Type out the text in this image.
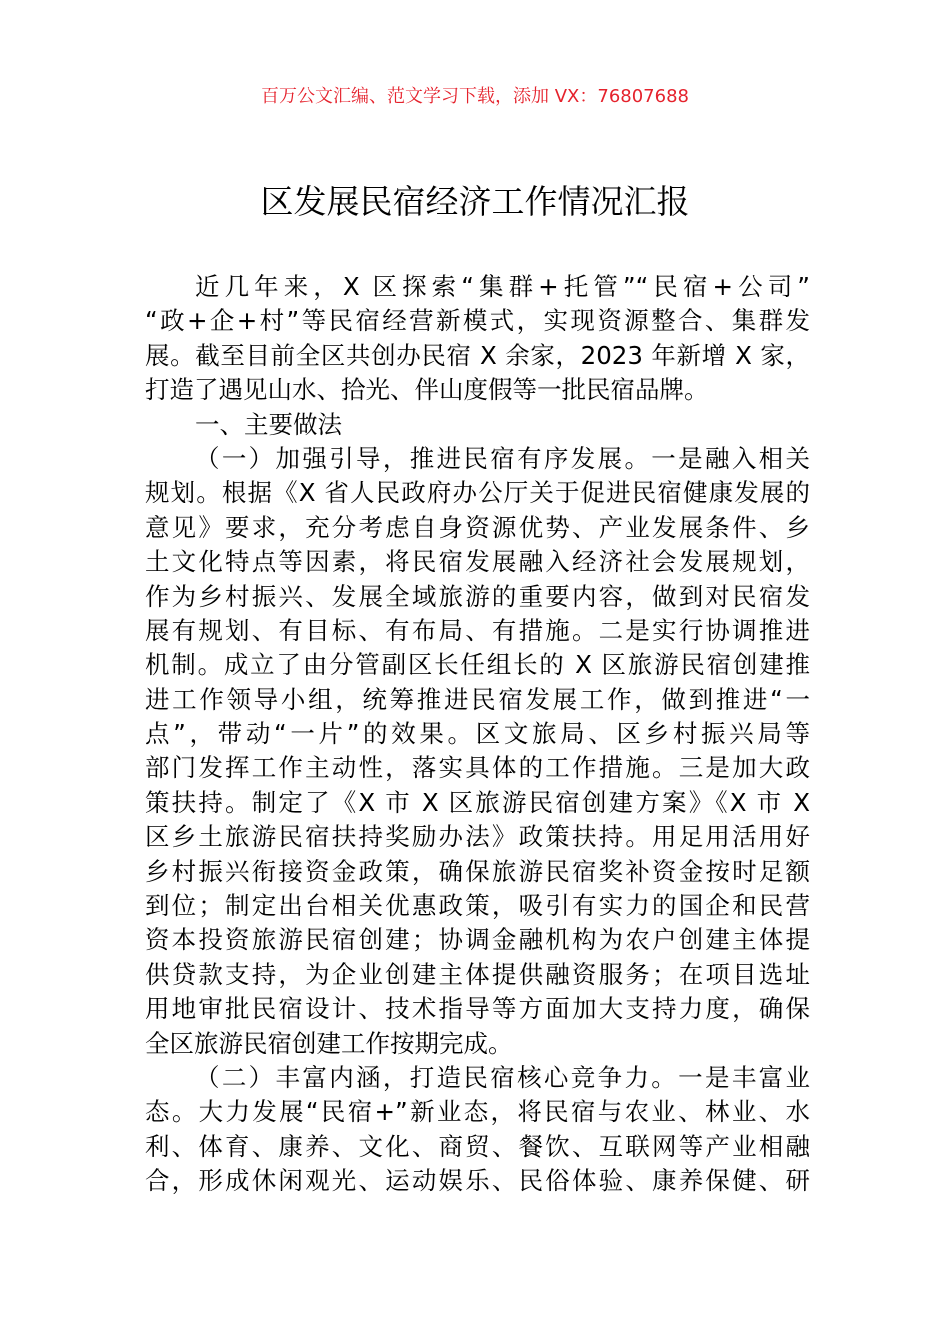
百万公文汇编、范文学习下载，添加 VX：76807688
区发展民宿经济工作情况汇报
近几年来，X 区探索“集群+托管”“民宿+公司”
“政+企+村”等民宿经营新模式，实现资源整合、集群发
展。截至目前全区共创办民宿 X 余家，2023 年新增 X 家，
打造了遇见山水、拾光、伴山度假等一批民宿品牌。
一、主要做法
（一）加强引导，推进民宿有序发展。一是融入相关
规划。根据《X 省人民政府办公厅关于促进民宿健康发展的
意见》要求，充分考虑自身资源优势、产业发展条件、乡
土文化特点等因素，将民宿发展融入经济社会发展规划，
作为乡村振兴、发展全域旅游的重要内容，做到对民宿发
展有规划、有目标、有布局、有措施。二是实行协调推进
机制。成立了由分管副区长任组长的 X 区旅游民宿创建推
进工作领导小组，统筹推进民宿发展工作，做到推进“一
点”，带动“一片”的效果。区文旅局、区乡村振兴局等
部门发挥工作主动性，落实具体的工作措施。三是加大政
策扶持。制定了《X 市 X 区旅游民宿创建方案》《X 市 X
区乡土旅游民宿扶持奖励办法》政策扶持。用足用活用好
乡村振兴衔接资金政策，确保旅游民宿奖补资金按时足额
到位；制定出台相关优惠政策，吸引有实力的国企和民营
资本投资旅游民宿创建；协调金融机构为农户创建主体提
供贷款支持，为企业创建主体提供融资服务；在项目选址
用地审批民宿设计、技术指导等方面加大支持力度，确保
全区旅游民宿创建工作按期完成。
（二）丰富内涵，打造民宿核心竞争力。一是丰富业
态。大力发展“民宿+”新业态，将民宿与农业、林业、水
利、体育、康养、文化、商贸、餐饮、互联网等产业相融
合，形成休闲观光、运动娱乐、民俗体验、康养保健、研
